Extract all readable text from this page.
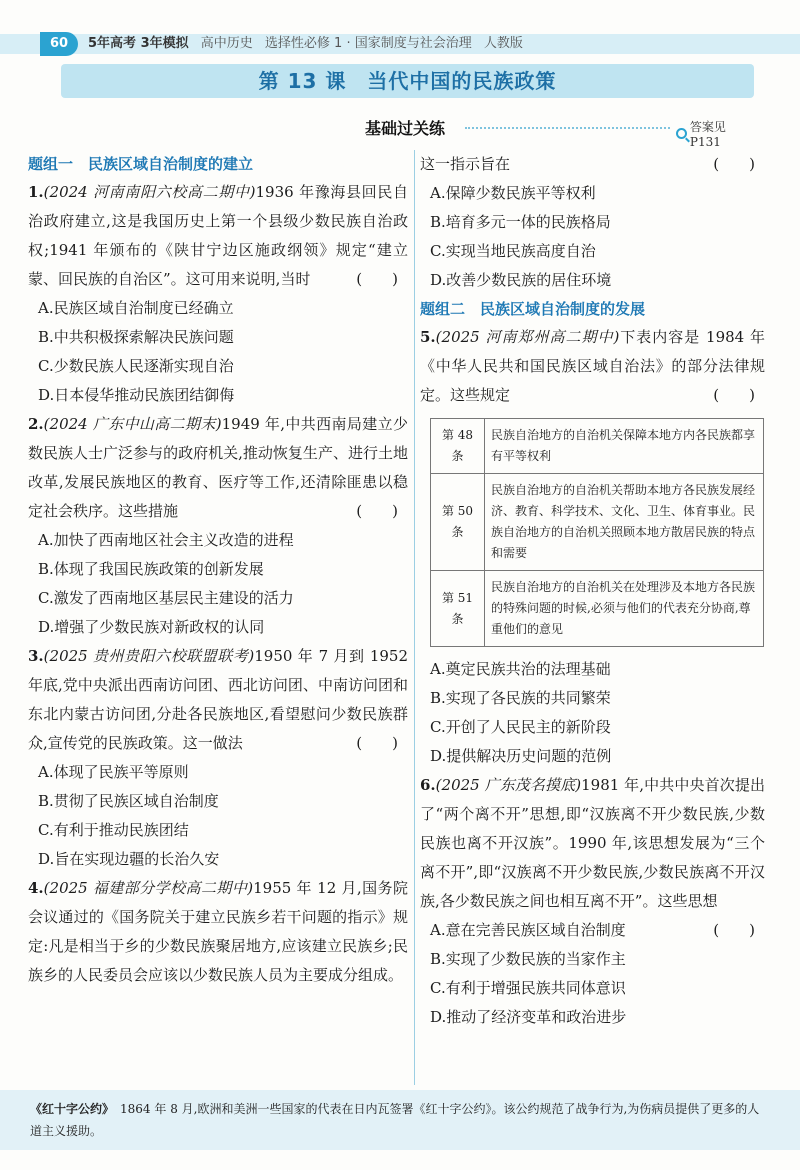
60	5年高考 3年模拟 高中历史 选择性必修 1 · 国家制度与社会治理 人教版
第 13 课　当代中国的民族政策
基础过关练	答案见 P131
题组一　民族区域自治制度的建立
1.(2024 河南南阳六校高二期中)1936 年豫海县回民自治政府建立,这是我国历史上第一个县级少数民族自治政权;1941 年颁布的《陕甘宁边区施政纲领》规定“建立蒙、回民族的自治区”。这可用来说明,当时	(　　)
A.民族区域自治制度已经确立
B.中共积极探索解决民族问题
C.少数民族人民逐渐实现自治
D.日本侵华推动民族团结御侮
2.(2024 广东中山高二期末)1949 年,中共西南局建立少数民族人士广泛参与的政府机关,推动恢复生产、进行土地改革,发展民族地区的教育、医疗等工作,还清除匪患以稳定社会秩序。这些措施	(　　)
A.加快了西南地区社会主义改造的进程
B.体现了我国民族政策的创新发展
C.激发了西南地区基层民主建设的活力
D.增强了少数民族对新政权的认同
3.(2025 贵州贵阳六校联盟联考)1950 年 7 月到 1952 年底,党中央派出西南访问团、西北访问团、中南访问团和东北内蒙古访问团,分赴各民族地区,看望慰问少数民族群众,宣传党的民族政策。这一做法	(　　)
A.体现了民族平等原则
B.贯彻了民族区域自治制度
C.有利于推动民族团结
D.旨在实现边疆的长治久安
4.(2025 福建部分学校高二期中)1955 年 12 月,国务院会议通过的《国务院关于建立民族乡若干问题的指示》规定:凡是相当于乡的少数民族聚居地方,应该建立民族乡;民族乡的人民委员会应该以少数民族人员为主要成分组成。
这一指示旨在	(　　)
A.保障少数民族平等权利
B.培育多元一体的民族格局
C.实现当地民族高度自治
D.改善少数民族的居住环境
题组二　民族区域自治制度的发展
5.(2025 河南郑州高二期中)下表内容是 1984 年《中华人民共和国民族区域自治法》的部分法律规定。这些规定	(　　)
第 48 条	民族自治地方的自治机关保障本地方内各民族都享有平等权利
第 50 条	民族自治地方的自治机关帮助本地方各民族发展经济、教育、科学技术、文化、卫生、体育事业。民族自治地方的自治机关照顾本地方散居民族的特点和需要
第 51 条	民族自治地方的自治机关在处理涉及本地方各民族的特殊问题的时候,必须与他们的代表充分协商,尊重他们的意见
A.奠定民族共治的法理基础
B.实现了各民族的共同繁荣
C.开创了人民民主的新阶段
D.提供解决历史问题的范例
6.(2025 广东茂名摸底)1981 年,中共中央首次提出了“两个离不开”思想,即“汉族离不开少数民族,少数民族也离不开汉族”。1990 年,该思想发展为“三个离不开”,即“汉族离不开少数民族,少数民族离不开汉族,各少数民族之间也相互离不开”。这些思想
(　　)
A.意在完善民族区域自治制度
B.实现了少数民族的当家作主
C.有利于增强民族共同体意识
D.推动了经济变革和政治进步
《红十字公约》　 1864 年 8 月,欧洲和美洲一些国家的代表在日内瓦签署《红十字公约》。该公约规范了战争行为,为伤病员提供了更多的人道主义援助。
